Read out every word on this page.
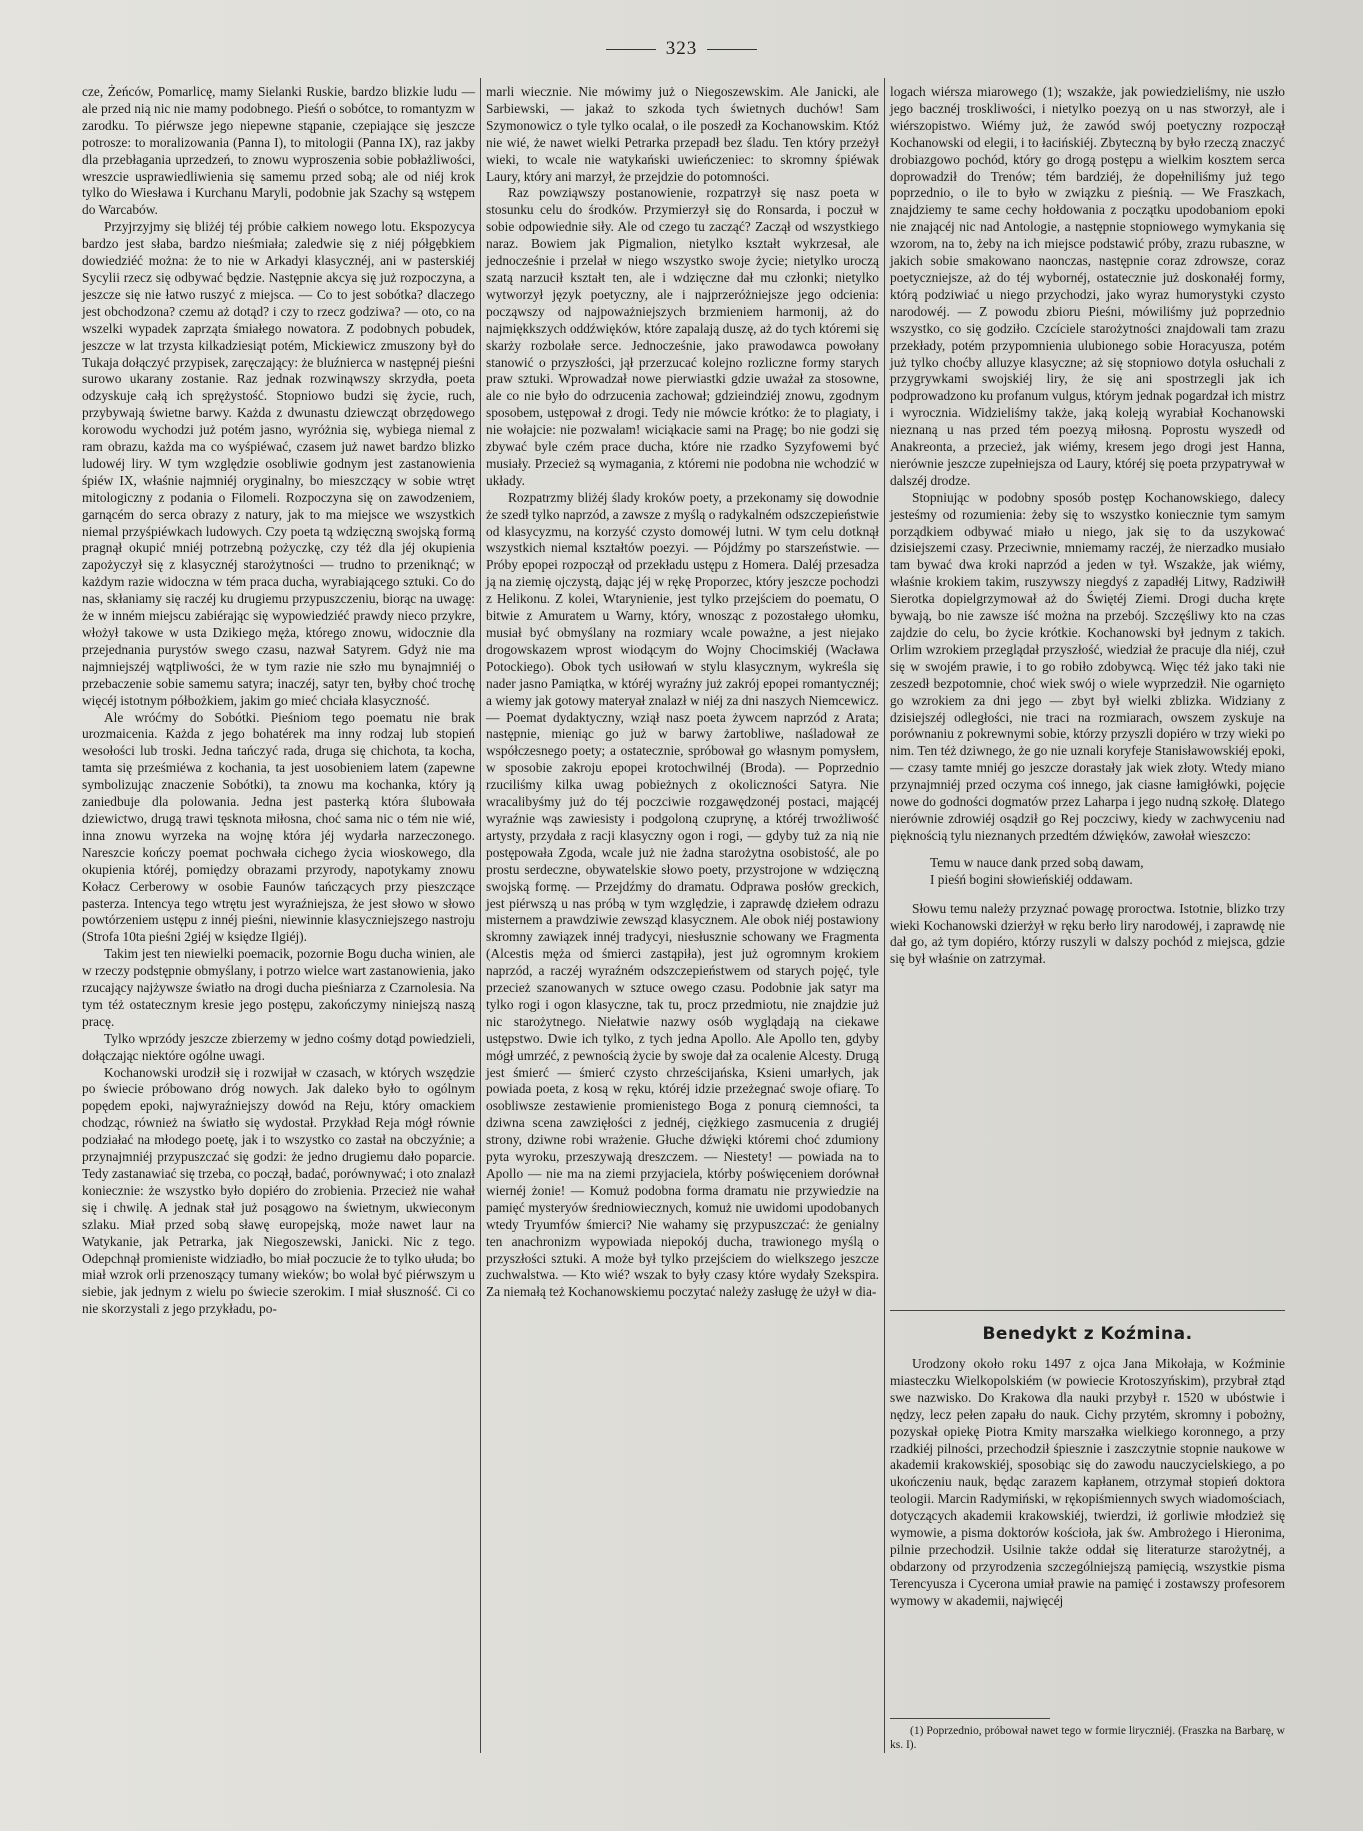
323

cze, Żeńców, Pomarlicę, mamy Sielanki Ruskie, bardzo blizkie ludu — ale przed nią nic nie mamy podobnego. Pieśń o sobótce, to romantyzm w zarodku. To piérwsze jego niepewne stąpanie, czepiające się jeszcze potrosze: to moralizowania (Panna I), to mitologii (Panna IX), raz jakby dla przebłagania uprzedzeń, to znowu wyproszenia sobie pobłażliwości, wreszcie usprawiedliwienia się samemu przed sobą; ale od niéj krok tylko do Wiesława i Kurchanu Maryli, podobnie jak Szachy są wstępem do Warcabów.

Przyjrzyjmy się bliżéj téj próbie całkiem nowego lotu. Ekspozycya bardzo jest słaba, bardzo nieśmiała; zaledwie się z niéj półgębkiem dowiedziéć można: że to nie w Arkadyi klasycznéj, ani w pasterskiéj Sycylii rzecz się odbywać będzie. Następnie akcya się już rozpoczyna, a jeszcze się nie łatwo ruszyć z miejsca. — Co to jest sobótka? dlaczego jest obchodzona? czemu aż dotąd? i czy to rzecz godziwa? — oto, co na wszelki wypadek zaprząta śmiałego nowatora. Z podobnych pobudek, jeszcze w lat trzysta kilkadziesiąt potém, Mickiewicz zmuszony był do Tukaja dołączyć przypisek, zaręczający: że bluźniercа w następnéj pieśni surowo ukarany zostanie. Raz jednak rozwinąwszy skrzydła, poeta odzyskuje całą ich sprężystość. Stopniowo budzi się życie, ruch, przybywają świetne barwy. Każda z dwunastu dziewcząt obrzędowego korowodu wychodzi już potém jasno, wyróżnia się, wybiega niemal z ram obrazu, każda ma co wyśpiéwać, czasem już nawet bardzo blizko ludowéj liry. W tym względzie osobliwie godnym jest zastanowienia śpiéw IX, właśnie najmniéj oryginalny, bo mieszczący w sobie wtręt mitologiczny z podania o Filomeli. Rozpoczyna się on zawodzeniem, garnącém do serca obrazy z natury, jak to ma miejsce we wszystkich niemal przyśpiéwkach ludowych. Czy poeta tą wdzięczną swojską formą pragnął okupić mniéj potrzebną pożyczkę, czy téż dla jéj okupienia zapożyczył się z klasycznéj starożytności — trudno to przeniknąć; w każdym razie widoczna w tém praca ducha, wyrabiającego sztuki. Co do nas, skłaniamy się raczéj ku drugiemu przypuszczeniu, biorąc na uwagę: że w inném miejscu zabiérając się wypowiedziéć prawdy nieco przykre, włożył takowe w usta Dzikiego męża, którego znowu, widocznie dla przejednania purystów swego czasu, nazwał Satyrem. Gdyż nie ma najmniejszéj wątpliwości, że w tym razie nie szło mu bynajmniéj o przebaczenie sobie samemu satyra; inaczéj, satyr ten, byłby choć trochę więcéj istotnym półbożkiem, jakim go mieć chciała klasyczność.

Ale wróćmy do Sobótki. Pieśniom tego poematu nie brak urozmaicenia. Każda z jego bohatérek ma inny rodzaj lub stopień wesołości lub troski. Jedna tańczyć rada, druga się chichota, ta kocha, tamta się prześmiéwa z kochania, ta jest uosobieniem latem (zapewne symbolizując znaczenie Sobótki), ta znowu ma kochanka, który ją zaniedbuje dla polowania. Jedna jest pasterką która ślubowała dziewictwo, drugą trawi tęsknota miłosna, choć sama nic o tém nie wié, inna znowu wyrzeka na wojnę która jéj wydarła narzeczonego. Nareszcie kończy poemat pochwała cichego życia wioskowego, dla okupienia któréj, pomiędzy obrazami przyrody, napotykamy znowu Kołacz Cerberowy w osobie Faunów tańczących przy pieszczące pasterza. Intencya tego wtrętu jest wyraźniejsza, że jest słowo w słowo powtórzeniem ustępu z innéj pieśni, niewinnie klasyczniejszego nastroju (Strofa 10ta pieśni 2giéj w księdze Ilgiéj).

Takim jest ten niewielki poemacik, pozornie Bogu ducha winien, ale w rzeczy podstępnie obmyślany, i potrzo wielce wart zastanowienia, jako rzucający najżywsze światło na drogi ducha pieśniarza z Czarnolesia. Na tym téż ostatecznym kresie jego postępu, zakończymy niniejszą naszą pracę.

Tylko wprzódy jeszcze zbierzemy w jedno cośmy dotąd powiedzieli, dołączając niektóre ogólne uwagi.

Kochanowski urodził się i rozwijał w czasach, w których wszędzie po świecie próbowano dróg nowych. Jak daleko było to ogólnym popędem epoki, najwyraźniejszy dowód na Reju, który omackiem chodząc, również na światło się wydostał. Przykład Reja mógł równie podziałać na młodego poetę, jak i to wszystko co zastał na obczyźnie; a przynajmniéj przypuszczać się godzi: że jedno drugiemu dało poparcie. Tedy zastanawiać się trzeba, co począł, badać, porównywać; i oto znalazł koniecznie: że wszystko było dopiéro do zrobienia. Przecież nie wahał się i chwilę. A jednak stał już posągowo na świetnym, ukwieconym szlaku. Miał przed sobą sławę europejską, może nawet laur na Watykanie, jak Petrarka, jak Niegoszewski, Janicki. Nic z tego. Odepchnął promieniste widziadło, bo miał poczucie że to tylko ułuda; bo miał wzrok orli przenoszący tumany wieków; bo wolał być piérwszym u siebie, jak jednym z wielu po świecie szerokim. I miał słuszność. Ci co nie skorzystali z jego przykładu, po-

marli wiecznie. Nie mówimy już o Niegoszewskim. Ale Janicki, ale Sarbiewski, — jakaż to szkoda tych świetnych duchów! Sam Szymonowicz o tyle tylko ocalał, o ile poszedł za Kochanowskim. Któż nie wié, że nawet wielki Petrarka przepadł bez śladu. Ten który przeżył wieki, to wcale nie watykański uwieńczeniec: to skromny śpiéwak Laury, który ani marzył, że przejdzie do potomności.

Raz powziąwszy postanowienie, rozpatrzył się nasz poeta w stosunku celu do środków. Przymierzył się do Ronsarda, i poczuł w sobie odpowiednie siły. Ale od czego tu zacząć? Zaczął od wszystkiego naraz. Bowiem jak Pigmalion, nietylko kształt wykrzesał, ale jednocześnie i przelał w niego wszystko swoje życie; nietylko uroczą szatą narzucił kształt ten, ale i wdzięczne dał mu członki; nietylko wytworzył język poetyczny, ale i najprzeróżniejsze jego odcienia: począwszy od najpoważniejszych brzmieniem harmonij, aż do najmiękkszych oddźwięków, które zapalają duszę, aż do tych któremi się skarży rozbolałe serce. Jednocześnie, jako prawodawca powołany stanowić o przyszłości, jął przerzucać kolejno rozliczne formy starych praw sztuki. Wprowadzał nowe pierwiastki gdzie uważał za stosowne, ale co nie było do odrzucenia zachował; gdzieindziéj znowu, zgodnym sposobem, ustępował z drogi. Tedy nie mówcie krótko: że to plagiaty, i nie wołajcie: nie pozwalam! wiciąkacie sami na Pragę; bo nie godzi się zbywać byle czém prace ducha, które nie rzadko Syzyfowemi być musiały. Przecież są wymagania, z któremi nie podobna nie wchodzić w układy.

Rozpatrzmy bliżéj ślady kroków poety, a przekonamy się dowodnie że szedł tylko naprzód, a zawsze z myślą o radykalném odszczepieństwie od klasycyzmu, na korzyść czysto domowéj lutni. W tym celu dotknął wszystkich niemal kształtów poezyi. — Pójdźmy po starszeństwie. — Próby epopei rozpoczął od przekładu ustępu z Homera. Daléj przesadza ją na ziemię ojczystą, dając jéj w rękę Proporzec, który jeszcze pochodzi z Helikonu. Z kolei, Wtarynienie, jest tylko przejściem do poematu, O bitwie z Amuratem u Warny, który, wnosząc z pozostałego ułomku, musiał być obmyślany na rozmiary wcale poważne, a jest niejako drogowskazem wprost wiodącym do Wojny Chocimskiéj (Wacława Potockiego). Obok tych usiłowań w stylu klasycznym, wykreśla się nader jasno Pamiątka, w któréj wyraźny już zakrój epopei romantycznéj; a wiemy jak gotowy materyał znalazł w niéj za dni naszych Niemcewicz. — Poemat dydaktyczny, wziął nasz poeta żywcem naprzód z Arata; następnie, mieniąc go już w barwy żartobliwe, naśladował ze współczesnego poety; a ostatecznie, spróbował go własnym pomysłem, w sposobie zakroju epopei krotochwilnéj (Broda). — Poprzednio rzuciliśmy kilka uwag pobieżnych z okoliczności Satyra. Nie wracalibyśmy już do téj poczciwie rozgawędzonéj postaci, mającéj wyraźnie wąs zawiesisty i podgoloną czuprynę, a któréj trwożliwość artysty, przydała z racji klasyczny ogon i rogi, — gdyby tuż za nią nie postępowała Zgoda, wcale już nie żadna starożytna osobistość, ale po prostu serdeczne, obywatelskie słowo poety, przystrojone w wdzięczną swojską formę. — Przejdźmy do dramatu. Odprawa posłów greckich, jest piérwszą u nas próbą w tym względzie, i zaprawdę dziełem odrazu misternem a prawdziwie zewsząd klasycznem. Ale obok niéj postawiony skromny zawiązek innéj tradycyi, niesłusznie schowany we Fragmenta (Alcestis męża od śmierci zastąpiła), jest już ogromnym krokiem naprzód, a raczéj wyraźném odszczepieństwem od starych pojęć, tyle przecież szanowanych w sztuce owego czasu. Podobnie jak satyr ma tylko rogi i ogon klasyczne, tak tu, procz przedmiotu, nie znajdzie już nic starożytnego. Niełatwie nazwy osób wyglądają na ciekawe ustępstwo. Dwie ich tylko, z tych jedna Apollo. Ale Apollo ten, gdyby mógł umrzéć, z pewnością życie by swoje dał za ocalenie Alcesty. Drugą jest śmierć — śmierć czysto chrześcijańska, Ksieni umarłych, jak powiada poeta, z kosą w ręku, któréj idzie przeżegnać swoje ofiarę. To osobliwsze zestawienie promienistego Boga z ponurą ciemności, ta dziwna scena zawzięłości z jednéj, ciężkiego zasmucenia z drugiéj strony, dziwne robi wrażenie. Głuche dźwięki któremi choć zdumiony pyta wyroku, przeszywają dreszczem. — Niestety! — powiada na to Apollo — nie ma na ziemi przyjaciela, którby poświęceniem dorównał wiernéj żonie! — Komuż podobna forma dramatu nie przywiedzie na pamięć mysteryów średniowiecznych, komuż nie uwidomi upodobanych wtedy Tryumfów śmierci? Nie wahamy się przypuszczać: że genialny ten anachronizm wypowiada niepokój ducha, trawionego myślą o przyszłości sztuki. A może był tylko przejściem do wielkszego jeszcze zuchwalstwa. — Kto wié? wszak to były czasy które wydały Szekspira. Za niemałą też Kochanowskiemu poczytać należy zasługę że użył w dia-

logach wiérsza miarowego (1); wszakże, jak powiedzieliśmy, nie uszło jego bacznéj troskliwości, i nietylko poezyą on u nas stworzył, ale i wiérszopistwo. Wiémy już, że zawód swój poetyczny rozpoczął Kochanowski od elegii, i to łacińskiéj. Zbyteczną by było rzeczą znaczyć drobiazgowo pochód, który go drogą postępu a wielkim kosztem serca doprowadził do Trenów; tém bardziéj, że dopełniliśmy już tego poprzednio, o ile to było w związku z pieśnią. — We Fraszkach, znajdziemy te same cechy hołdowania z początku upodobaniom epoki nie znającéj nic nad Antologie, a następnie stopniowego wymykania się wzorom, na to, żeby na ich miejsce podstawić próby, zrazu rubaszne, w jakich sobie smakowano naonczas, następnie coraz zdrowsze, coraz poetyczniejsze, aż do téj wybornéj, ostatecznie już doskonałéj formy, którą podziwiać u niego przychodzi, jako wyraz humorystyki czysto narodowéj. — Z powodu zbioru Pieśni, mówiliśmy już poprzednio wszystko, co się godziło. Czcíciele starożytności znajdowali tam zrazu przekłady, potém przypomnienia ulubionego sobie Horacyusza, potém już tylko choćby alluzye klasyczne; aż się stopniowo dotyla osłuchali z przygrywkami swojskiéj liry, że się ani spostrzegli jak ich podprowadzono ku profanum vulgus, którym jednak pogardzał ich mistrz i wyrocznia. Widzieliśmy także, jaką koleją wyrabiał Kochanowski nieznaną u nas przed tém poezyą miłosną. Poprostu wyszedł od Anakreonta, a przecież, jak wiémy, kresem jego drogi jest Hanna, nierównie jeszcze zupełniejsza od Laury, któréj się poeta przypatrywał w dalszéj drodze.

Stopniując w podobny sposób postęp Kochanowskiego, dalecy jesteśmy od rozumienia: żeby się to wszystko koniecznie tym samym porządkiem odbywać miało u niego, jak się to da uszykować dzisiejszemi czasy. Przeciwnie, mniemamy raczéj, że nierzadko musiało tam bywać dwa kroki naprzód a jeden w tył. Wszakże, jak wiémy, właśnie krokiem takim, ruszywszy niegdyś z zapadłéj Litwy, Radziwiłł Sierotka dopielgrzymował aż do Świętéj Ziemi. Drogi ducha kręte bywają, bo nie zawsze iść można na przebój. Szczęśliwy kto na czas zajdzie do celu, bo życie krótkie. Kochanowski był jednym z takich. Orlim wzrokiem przeglądał przyszłość, wiedział że pracuje dla niéj, czuł się w swojém prawie, i to go robiło zdobywcą. Więc téż jako taki nie zeszedł bezpotomnie, choć wiek swój o wiele wyprzedził. Nie ogarnięto go wzrokiem za dni jego — zbyt był wielki zblizka. Widziany z dzisiejszéj odległości, nie traci na rozmiarach, owszem zyskuje na porównaniu z pokrewnymi sobie, którzy przyszli dopiéro w trzy wieki po nim. Ten téż dziwnego, że go nie uznali koryfeje Stanisławowskiéj epoki, — czasy tamte mniéj go jeszcze dorastały jak wiek złoty. Wtedy miano przynajmniéj przed oczyma coś innego, jak ciasne łamigłówki, pojęcie nowe do godności dogmatów przez Laharpa i jego nudną szkołę. Dlatego nierównie zdrowiéj osądził go Rej poczciwy, kiedy w zachwyceniu nad pięknością tylu nieznanych przedtém dźwięków, zawołał wieszczo:

Temu w nauce dank przed sobą dawam,
I pieśń bogini słowieńskiéj oddawam.

Słowu temu należy przyznać powagę proroctwa. Istotnie, blizko trzy wieki Kochanowski dzierżył w ręku berło liry narodowéj, i zaprawdę nie dał go, aż tym dopiéro, którzy ruszyli w dalszy pochód z miejsca, gdzie się był właśnie on zatrzymał.

Benedykt z Koźmina.

Urodzony około roku 1497 z ojca Jana Mikołaja, w Koźminie miasteczku Wielkopolskiém (w powiecie Krotoszyńskim), przybrał ztąd swe nazwisko. Do Krakowa dla nauki przybył r. 1520 w ubóstwie i nędzy, lecz pełen zapału do nauk. Cichy przytém, skromny i pobożny, pozyskał opiekę Piotra Kmity marszałka wielkiego koronnego, a przy rzadkiéj pilności, przechodził śpiesznie i zaszczytnie stopnie naukowe w akademii krakowskiéj, sposobiąc się do zawodu nauczycielskiego, a po ukończeniu nauk, będąc zarazem kapłanem, otrzymał stopień doktora teologii. Marcin Radymiński, w rękopiśmiennych swych wiadomościach, dotyczących akademii krakowskiéj, twierdzi, iż gorliwie młodzież się wymowie, a pisma doktorów kościoła, jak św. Ambrożego i Hieronima, pilnie przechodził. Usilnie także oddał się literaturze starożytnéj, a obdarzony od przyrodzenia szczególniejszą pamięcią, wszystkie pisma Terencyusza i Cycerona umiał prawie na pamięć i zostawszy profesorem wymowy w akademii, najwięcéj

(1) Poprzednio, próbował nawet tego w formie liryczniéj. (Fraszka na Barbarę, w ks. I).
